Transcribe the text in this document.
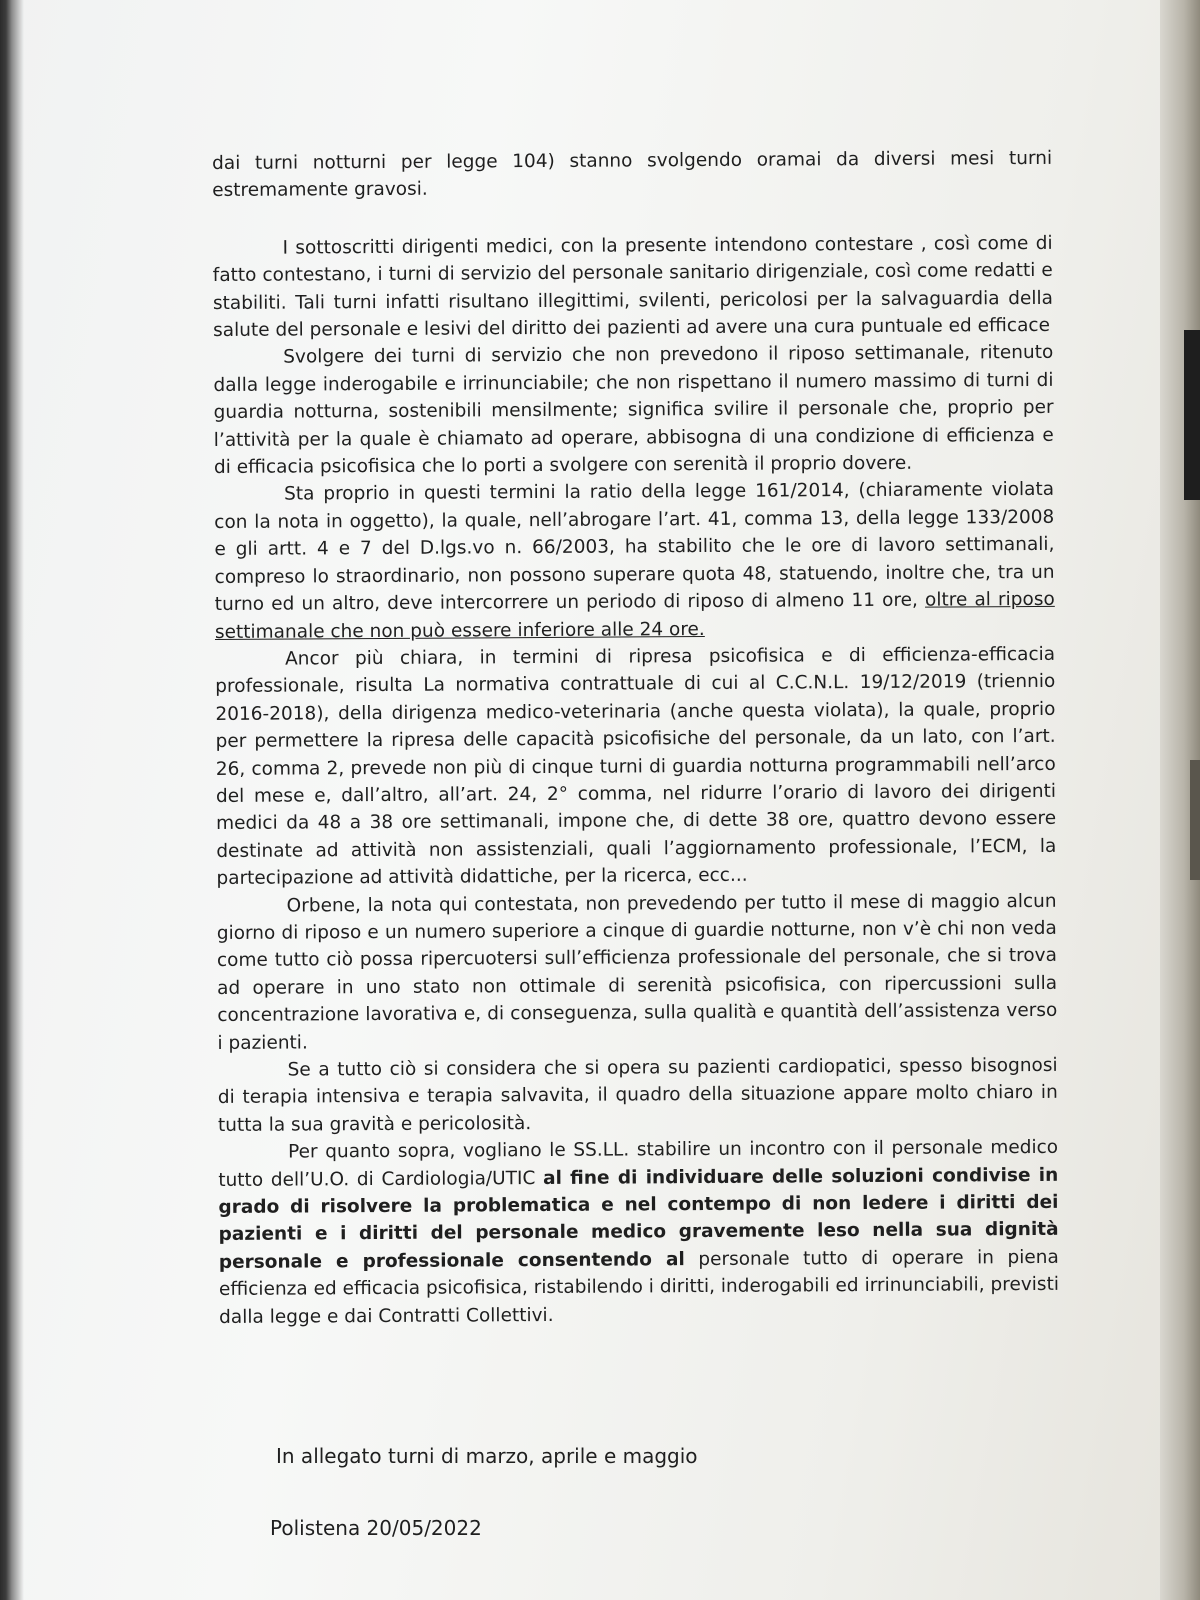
dai turni notturni per legge 104) stanno svolgendo oramai da diversi mesi turni estremamente gravosi.

I sottoscritti dirigenti medici, con la presente intendono contestare , così come di fatto contestano, i turni di servizio del personale sanitario dirigenziale, così come redatti e stabiliti. Tali turni infatti risultano illegittimi, svilenti, pericolosi per la salvaguardia della salute del personale e lesivi del diritto dei pazienti ad avere una cura puntuale ed efficace

Svolgere dei turni di servizio che non prevedono il riposo settimanale, ritenuto dalla legge inderogabile e irrinunciabile; che non rispettano il numero massimo di turni di guardia notturna, sostenibili mensilmente; significa svilire il personale che, proprio per l’attività per la quale è chiamato ad operare, abbisogna di una condizione di efficienza e di efficacia psicofisica che lo porti a svolgere con serenità il proprio dovere.

Sta proprio in questi termini la ratio della legge 161/2014, (chiaramente violata con la nota in oggetto), la quale, nell’abrogare l’art. 41, comma 13, della legge 133/2008 e gli artt. 4 e 7 del D.lgs.vo n. 66/2003, ha stabilito che le ore di lavoro settimanali, compreso lo straordinario, non possono superare quota 48, statuendo, inoltre che, tra un turno ed un altro, deve intercorrere un periodo di riposo di almeno 11 ore, oltre al riposo settimanale che non può essere inferiore alle 24 ore.

Ancor più chiara, in termini di ripresa psicofisica e di efficienza-efficacia professionale, risulta La normativa contrattuale di cui al C.C.N.L. 19/12/2019 (triennio 2016-2018), della dirigenza medico-veterinaria (anche questa violata), la quale, proprio per permettere la ripresa delle capacità psicofisiche del personale, da un lato, con l’art. 26, comma 2, prevede non più di cinque turni di guardia notturna programmabili nell’arco del mese e, dall’altro, all’art. 24, 2° comma, nel ridurre l’orario di lavoro dei dirigenti medici da 48 a 38 ore settimanali, impone che, di dette 38 ore, quattro devono essere destinate ad attività non assistenziali, quali l’aggiornamento professionale, l’ECM, la partecipazione ad attività didattiche, per la ricerca, ecc...

Orbene, la nota qui contestata, non prevedendo per tutto il mese di maggio alcun giorno di riposo e un numero superiore a cinque di guardie notturne, non v’è chi non veda come tutto ciò possa ripercuotersi sull’efficienza professionale del personale, che si trova ad operare in uno stato non ottimale di serenità psicofisica, con ripercussioni sulla concentrazione lavorativa e, di conseguenza, sulla qualità e quantità dell’assistenza verso i pazienti.

Se a tutto ciò si considera che si opera su pazienti cardiopatici, spesso bisognosi di terapia intensiva e terapia salvavita, il quadro della situazione appare molto chiaro in tutta la sua gravità e pericolosità.

Per quanto sopra, vogliano le SS.LL. stabilire un incontro con il personale medico tutto dell’U.O. di Cardiologia/UTIC al fine di individuare delle soluzioni condivise in grado di risolvere la problematica e nel contempo di non ledere i diritti dei pazienti e i diritti del personale medico gravemente leso nella sua dignità personale e professionale consentendo al personale tutto di operare in piena efficienza ed efficacia psicofisica, ristabilendo i diritti, inderogabili ed irrinunciabili, previsti dalla legge e dai Contratti Collettivi.

In allegato turni di marzo, aprile e maggio
Polistena 20/05/2022
